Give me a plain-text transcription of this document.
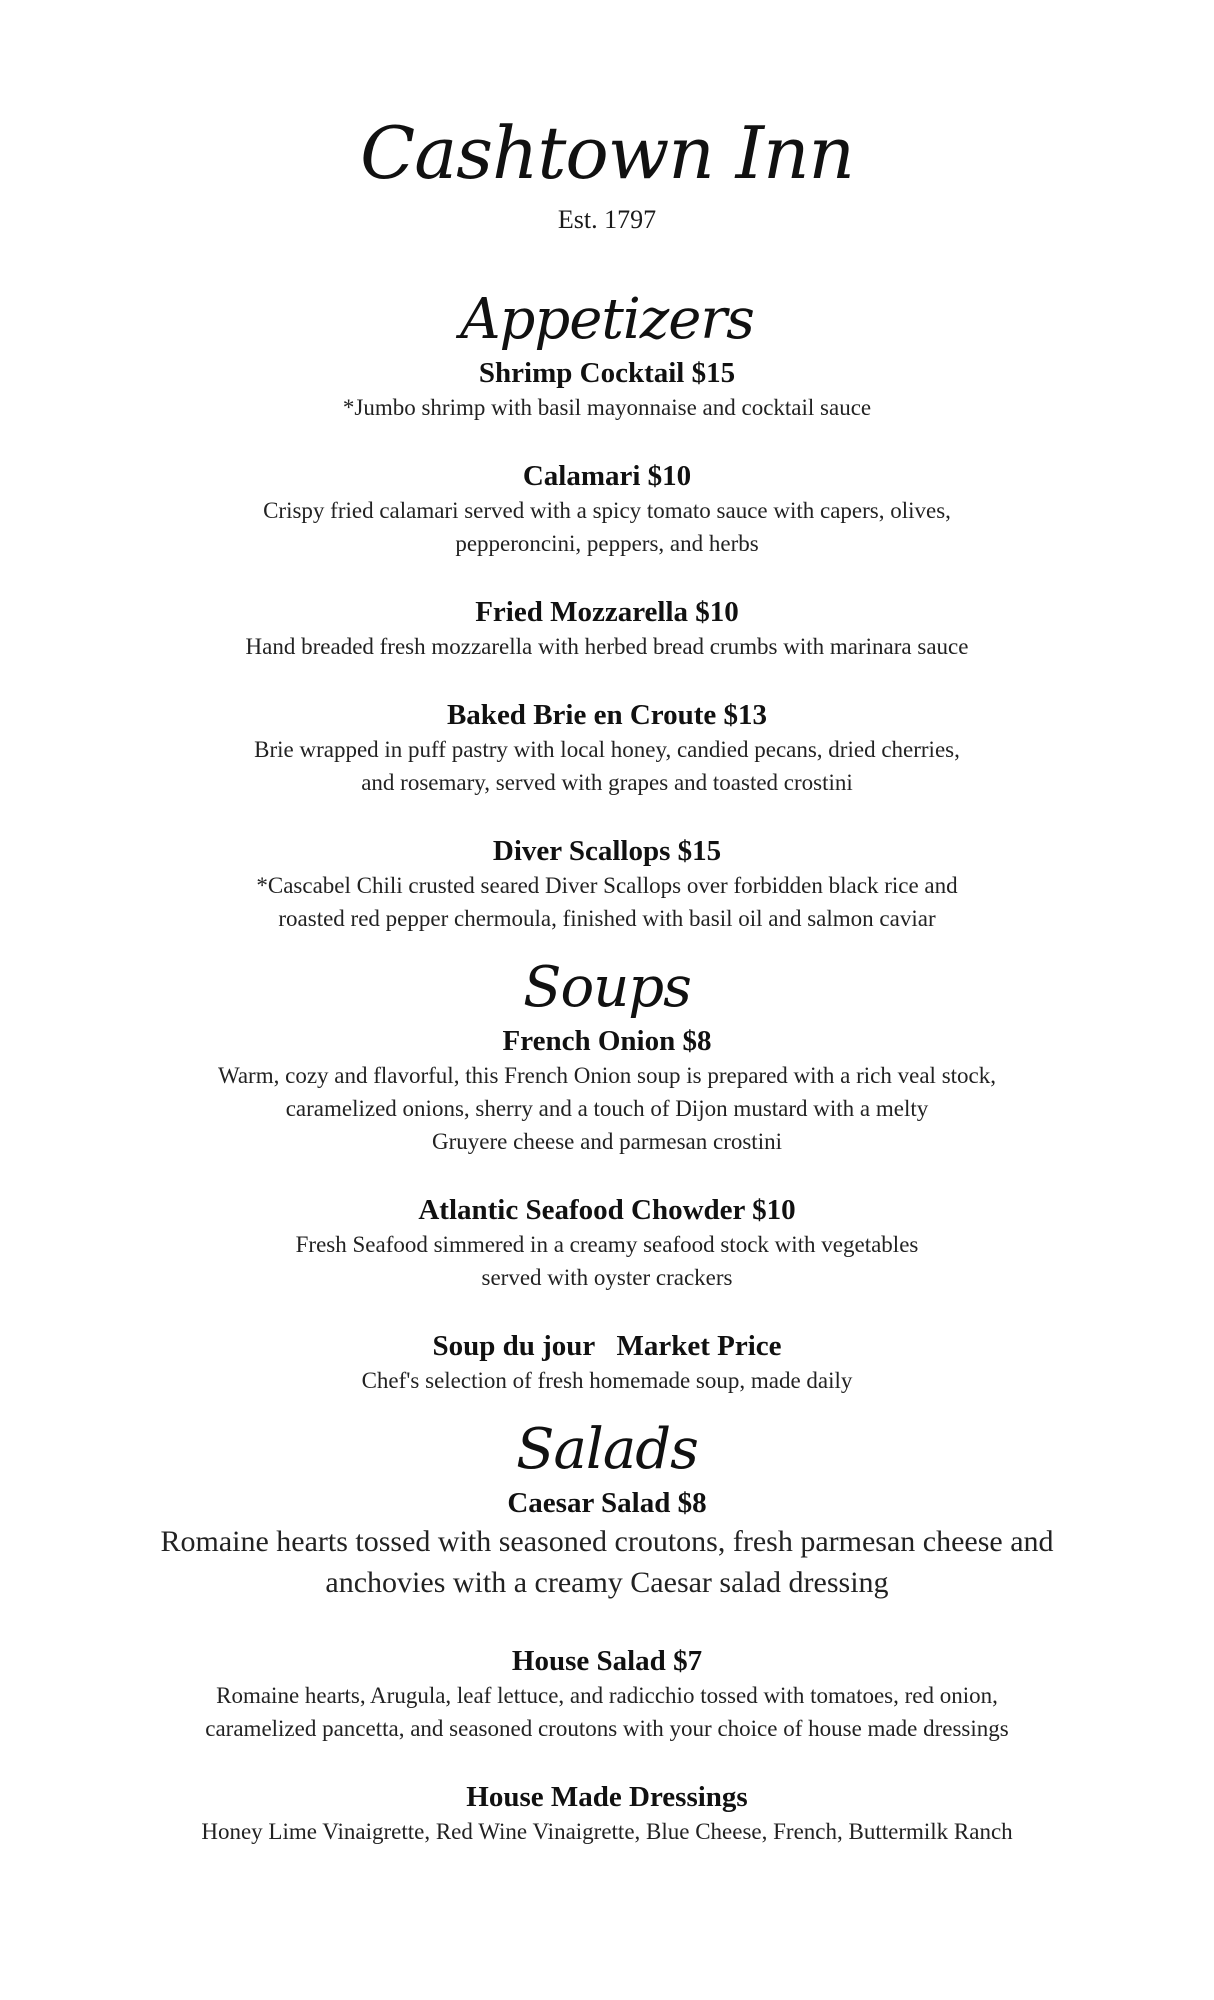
Cashtown Inn
Est. 1797
Appetizers
Shrimp Cocktail $15
*Jumbo shrimp with basil mayonnaise and cocktail sauce
Calamari $10
Crispy fried calamari served with a spicy tomato sauce with capers, olives,
pepperoncini, peppers, and herbs
Fried Mozzarella $10
Hand breaded fresh mozzarella with herbed bread crumbs with marinara sauce
Baked Brie en Croute $13
Brie wrapped in puff pastry with local honey, candied pecans, dried cherries,
and rosemary, served with grapes and toasted crostini
Diver Scallops $15
*Cascabel Chili crusted seared Diver Scallops over forbidden black rice and
roasted red pepper chermoula, finished with basil oil and salmon caviar
Soups
French Onion $8
Warm, cozy and flavorful, this French Onion soup is prepared with a rich veal stock,
caramelized onions, sherry and a touch of Dijon mustard with a melty
Gruyere cheese and parmesan crostini
Atlantic Seafood Chowder $10
Fresh Seafood simmered in a creamy seafood stock with vegetables
served with oyster crackers
Soup du jour   Market Price
Chef's selection of fresh homemade soup, made daily
Salads
Caesar Salad $8
Romaine hearts tossed with seasoned croutons, fresh parmesan cheese and
anchovies with a creamy Caesar salad dressing
House Salad $7
Romaine hearts, Arugula, leaf lettuce, and radicchio tossed with tomatoes, red onion,
caramelized pancetta, and seasoned croutons with your choice of house made dressings
House Made Dressings
Honey Lime Vinaigrette, Red Wine Vinaigrette, Blue Cheese, French, Buttermilk Ranch
